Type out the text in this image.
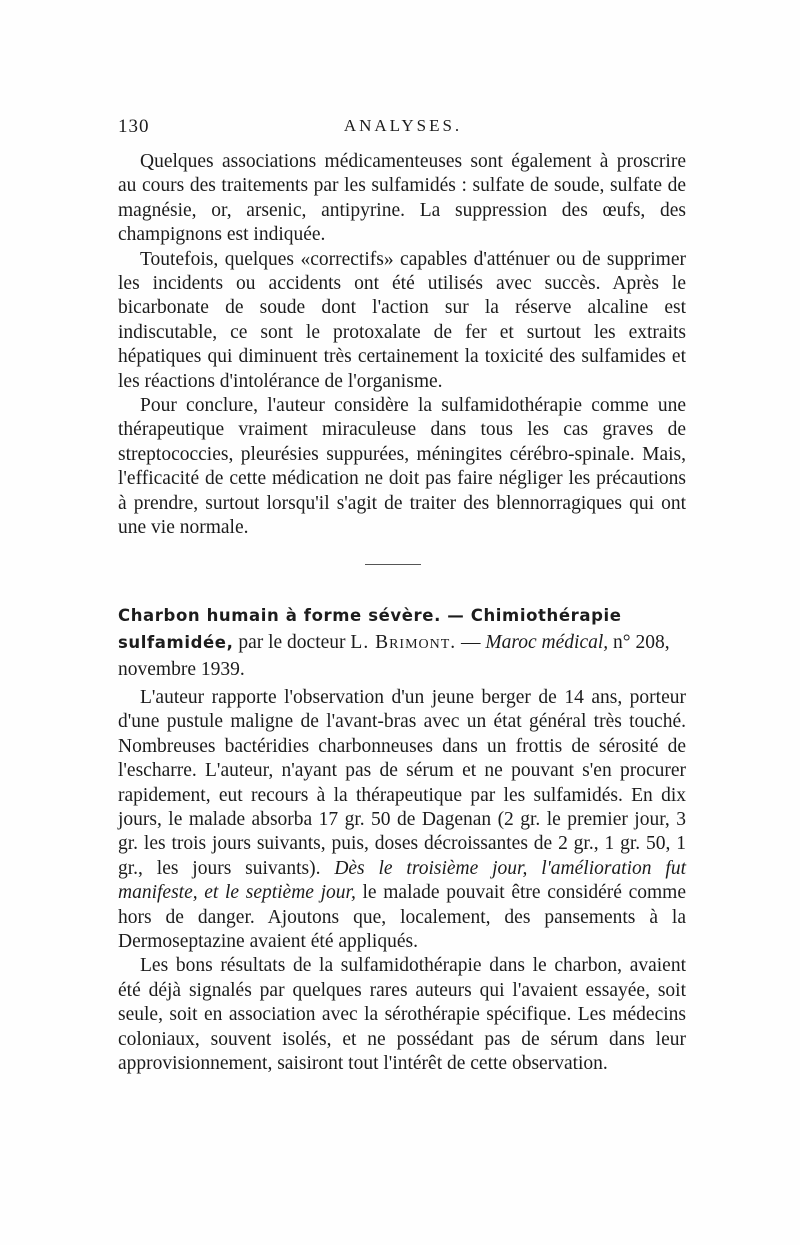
130	ANALYSES.

Quelques associations médicamenteuses sont également à proscrire au cours des traitements par les sulfamidés : sulfate de soude, sulfate de magnésie, or, arsenic, antipyrine. La suppression des œufs, des champignons est indiquée.

Toutefois, quelques «correctifs» capables d'atténuer ou de supprimer les incidents ou accidents ont été utilisés avec succès. Après le bicarbonate de soude dont l'action sur la réserve alcaline est indiscutable, ce sont le protoxalate de fer et surtout les extraits hépatiques qui diminuent très certainement la toxicité des sulfamides et les réactions d'intolérance de l'organisme.

Pour conclure, l'auteur considère la sulfamidothérapie comme une thérapeutique vraiment miraculeuse dans tous les cas graves de streptococcies, pleurésies suppurées, méningites cérébro-spinale. Mais, l'efficacité de cette médication ne doit pas faire négliger les précautions à prendre, surtout lorsqu'il s'agit de traiter des blennorragiques qui ont une vie normale.

Charbon humain à forme sévère. — Chimiothérapie sulfamidée, par le docteur L. Brimont. — Maroc médical, n° 208, novembre 1939.

L'auteur rapporte l'observation d'un jeune berger de 14 ans, porteur d'une pustule maligne de l'avant-bras avec un état général très touché. Nombreuses bactéridies charbonneuses dans un frottis de sérosité de l'escharre. L'auteur, n'ayant pas de sérum et ne pouvant s'en procurer rapidement, eut recours à la thérapeutique par les sulfamidés. En dix jours, le malade absorba 17 gr. 50 de Dagenan (2 gr. le premier jour, 3 gr. les trois jours suivants, puis, doses décroissantes de 2 gr., 1 gr. 50, 1 gr., les jours suivants). Dès le troisième jour, l'amélioration fut manifeste, et le septième jour, le malade pouvait être considéré comme hors de danger. Ajoutons que, localement, des pansements à la Dermoseptazine avaient été appliqués.

Les bons résultats de la sulfamidothérapie dans le charbon, avaient été déjà signalés par quelques rares auteurs qui l'avaient essayée, soit seule, soit en association avec la sérothérapie spécifique. Les médecins coloniaux, souvent isolés, et ne possédant pas de sérum dans leur approvisionnement, saisiront tout l'intérêt de cette observation.
